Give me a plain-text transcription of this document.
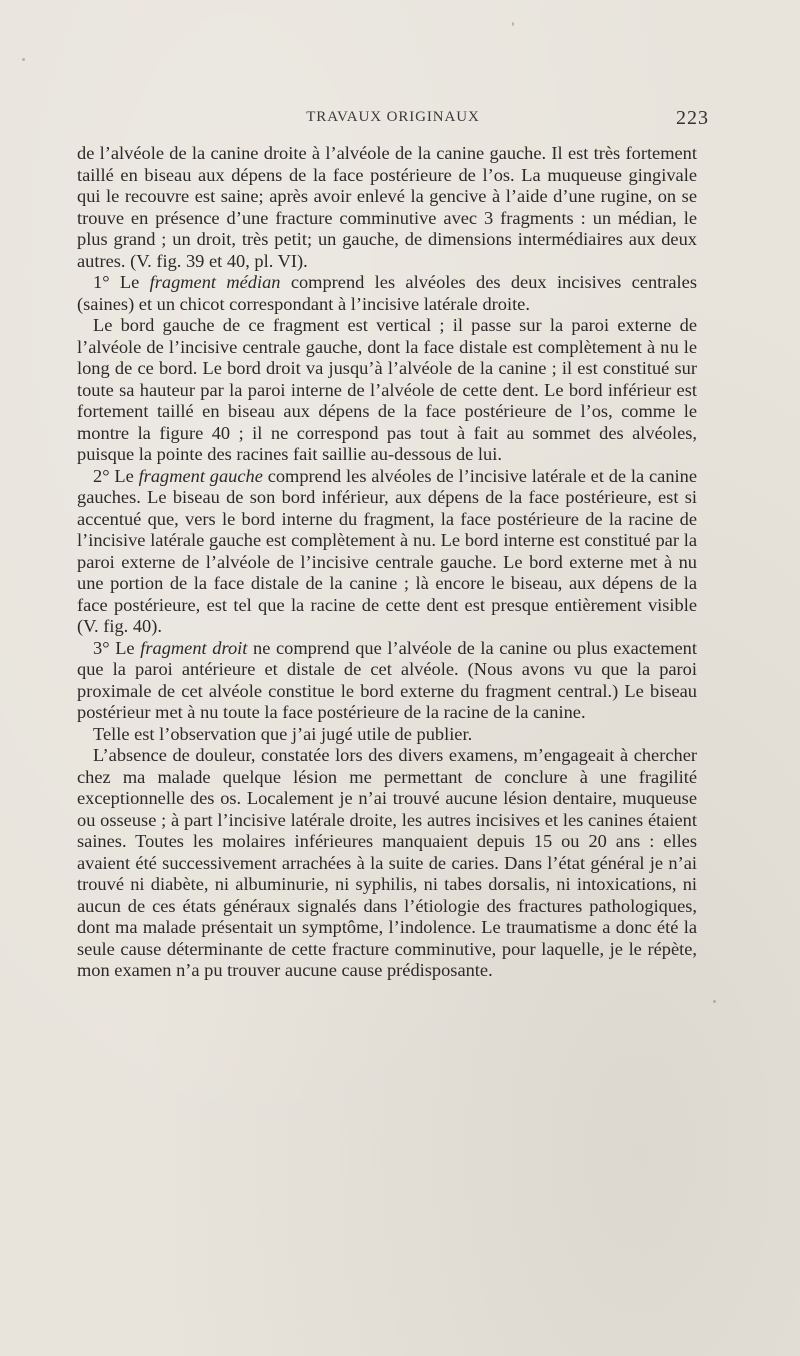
TRAVAUX ORIGINAUX	223

de l’alvéole de la canine droite à l’alvéole de la canine gauche. Il est très fortement taillé en biseau aux dépens de la face postérieure de l’os. La muqueuse gingivale qui le recouvre est saine; après avoir enlevé la gencive à l’aide d’une rugine, on se trouve en présence d’une fracture comminutive avec 3 fragments : un médian, le plus grand ; un droit, très petit; un gauche, de dimensions intermédiaires aux deux autres. (V. fig. 39 et 40, pl. VI).

1° Le fragment médian comprend les alvéoles des deux incisives centrales (saines) et un chicot correspondant à l’incisive latérale droite.

Le bord gauche de ce fragment est vertical ; il passe sur la paroi externe de l’alvéole de l’incisive centrale gauche, dont la face distale est complètement à nu le long de ce bord. Le bord droit va jusqu’à l’alvéole de la canine ; il est constitué sur toute sa hauteur par la paroi interne de l’alvéole de cette dent. Le bord inférieur est fortement taillé en biseau aux dépens de la face postérieure de l’os, comme le montre la figure 40 ; il ne correspond pas tout à fait au sommet des alvéoles, puisque la pointe des racines fait saillie au-dessous de lui.

2° Le fragment gauche comprend les alvéoles de l’incisive latérale et de la canine gauches. Le biseau de son bord inférieur, aux dépens de la face postérieure, est si accentué que, vers le bord interne du fragment, la face postérieure de la racine de l’incisive latérale gauche est complètement à nu. Le bord interne est constitué par la paroi externe de l’alvéole de l’incisive centrale gauche. Le bord externe met à nu une portion de la face distale de la canine ; là encore le biseau, aux dépens de la face postérieure, est tel que la racine de cette dent est presque entièrement visible (V. fig. 40).

3° Le fragment droit ne comprend que l’alvéole de la canine ou plus exactement que la paroi antérieure et distale de cet alvéole. (Nous avons vu que la paroi proximale de cet alvéole constitue le bord externe du fragment central.) Le biseau postérieur met à nu toute la face postérieure de la racine de la canine.

Telle est l’observation que j’ai jugé utile de publier.

L’absence de douleur, constatée lors des divers examens, m’engageait à chercher chez ma malade quelque lésion me permettant de conclure à une fragilité exceptionnelle des os. Localement je n’ai trouvé aucune lésion dentaire, muqueuse ou osseuse ; à part l’incisive latérale droite, les autres incisives et les canines étaient saines. Toutes les molaires inférieures manquaient depuis 15 ou 20 ans : elles avaient été successivement arrachées à la suite de caries. Dans l’état général je n’ai trouvé ni diabète, ni albuminurie, ni syphilis, ni tabes dorsalis, ni intoxications, ni aucun de ces états généraux signalés dans l’étiologie des fractures pathologiques, dont ma malade présentait un symptôme, l’indolence. Le traumatisme a donc été la seule cause déterminante de cette fracture comminutive, pour laquelle, je le répète, mon examen n’a pu trouver aucune cause prédisposante.
